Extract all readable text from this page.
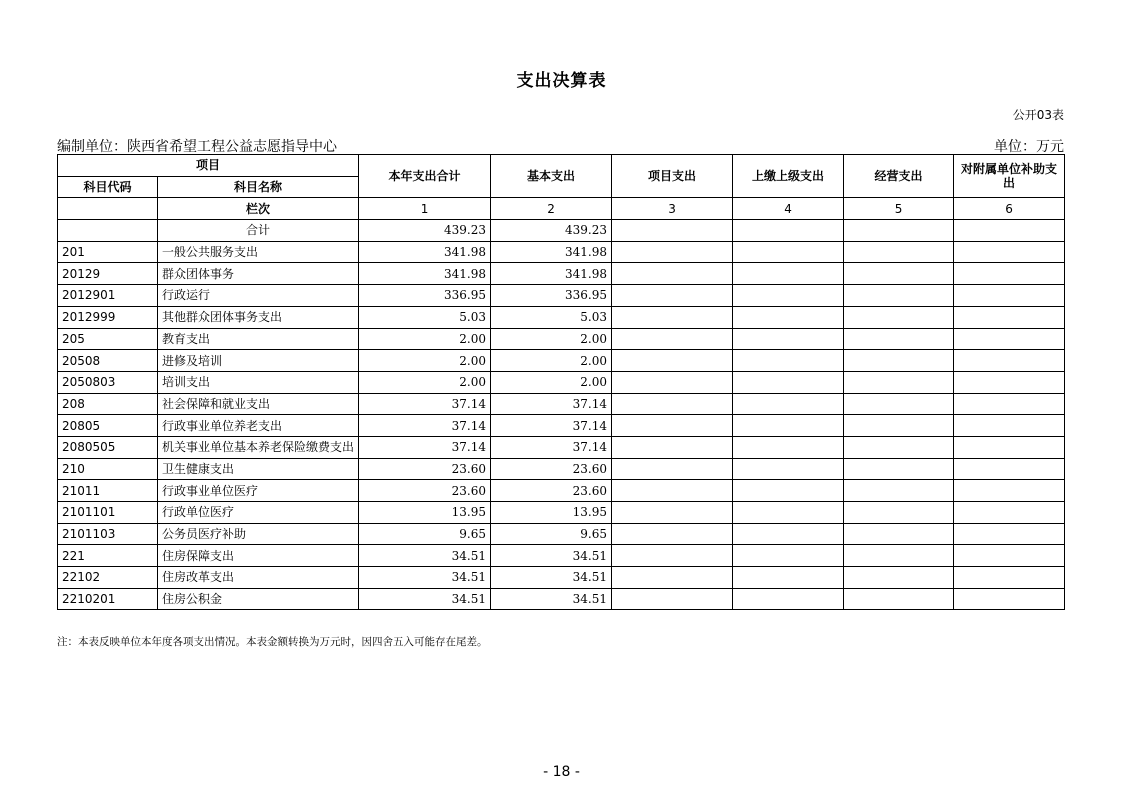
支出决算表
公开03表
编制单位：陕西省希望工程公益志愿指导中心	单位：万元
项目		本年支出合计	基本支出	项目支出	上缴上级支出	经营支出	对附属单位补助支出
科目代码	科目名称						
	栏次	1	2	3	4	5	6
	合计	439.23	439.23				
201	一般公共服务支出	341.98	341.98				
20129	群众团体事务	341.98	341.98				
2012901	行政运行	336.95	336.95				
2012999	其他群众团体事务支出	5.03	5.03				
205	教育支出	2.00	2.00				
20508	进修及培训	2.00	2.00				
2050803	培训支出	2.00	2.00				
208	社会保障和就业支出	37.14	37.14				
20805	行政事业单位养老支出	37.14	37.14				
2080505	机关事业单位基本养老保险缴费支出	37.14	37.14				
210	卫生健康支出	23.60	23.60				
21011	行政事业单位医疗	23.60	23.60				
2101101	行政单位医疗	13.95	13.95				
2101103	公务员医疗补助	9.65	9.65				
221	住房保障支出	34.51	34.51				
22102	住房改革支出	34.51	34.51				
2210201	住房公积金	34.51	34.51				
注：本表反映单位本年度各项支出情况。本表金额转换为万元时，因四舍五入可能存在尾差。
- 18 -
